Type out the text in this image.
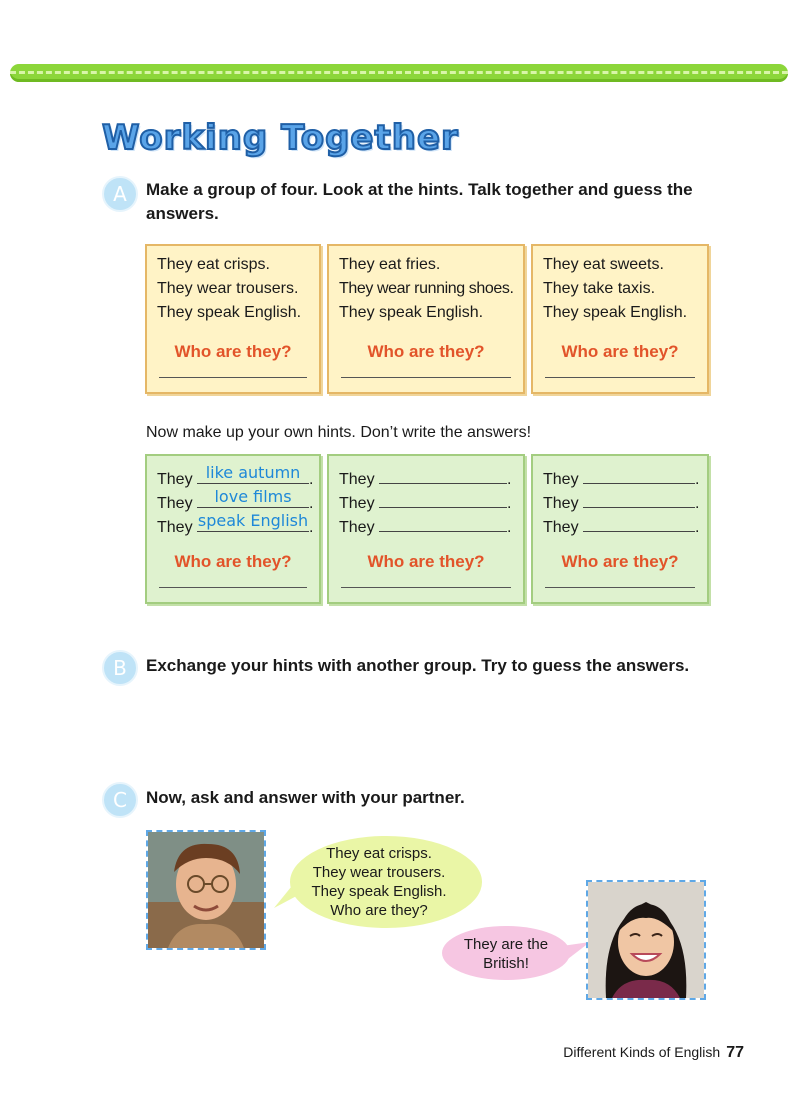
Working Together
A	Make a group of four. Look at the hints. Talk together and guess the answers.
They eat crisps.
They wear trousers.
They speak English.
Who are they?
They eat fries.
They wear running shoes.
They speak English.
Who are they?
They eat sweets.
They take taxis.
They speak English.
Who are they?
Now make up your own hints. Don’t write the answers!
They like autumn .
They	love films	.
They speak English .
Who are they?
They	.
They	.
They	.
Who are they?
They	.
They	.
They	.
Who are they?
B	Exchange your hints with another group. Try to guess the answers.
C	Now, ask and answer with your partner.
They eat crisps.
They wear trousers.
They speak English.
Who are they?
They are the
British!
Different Kinds of English 77
